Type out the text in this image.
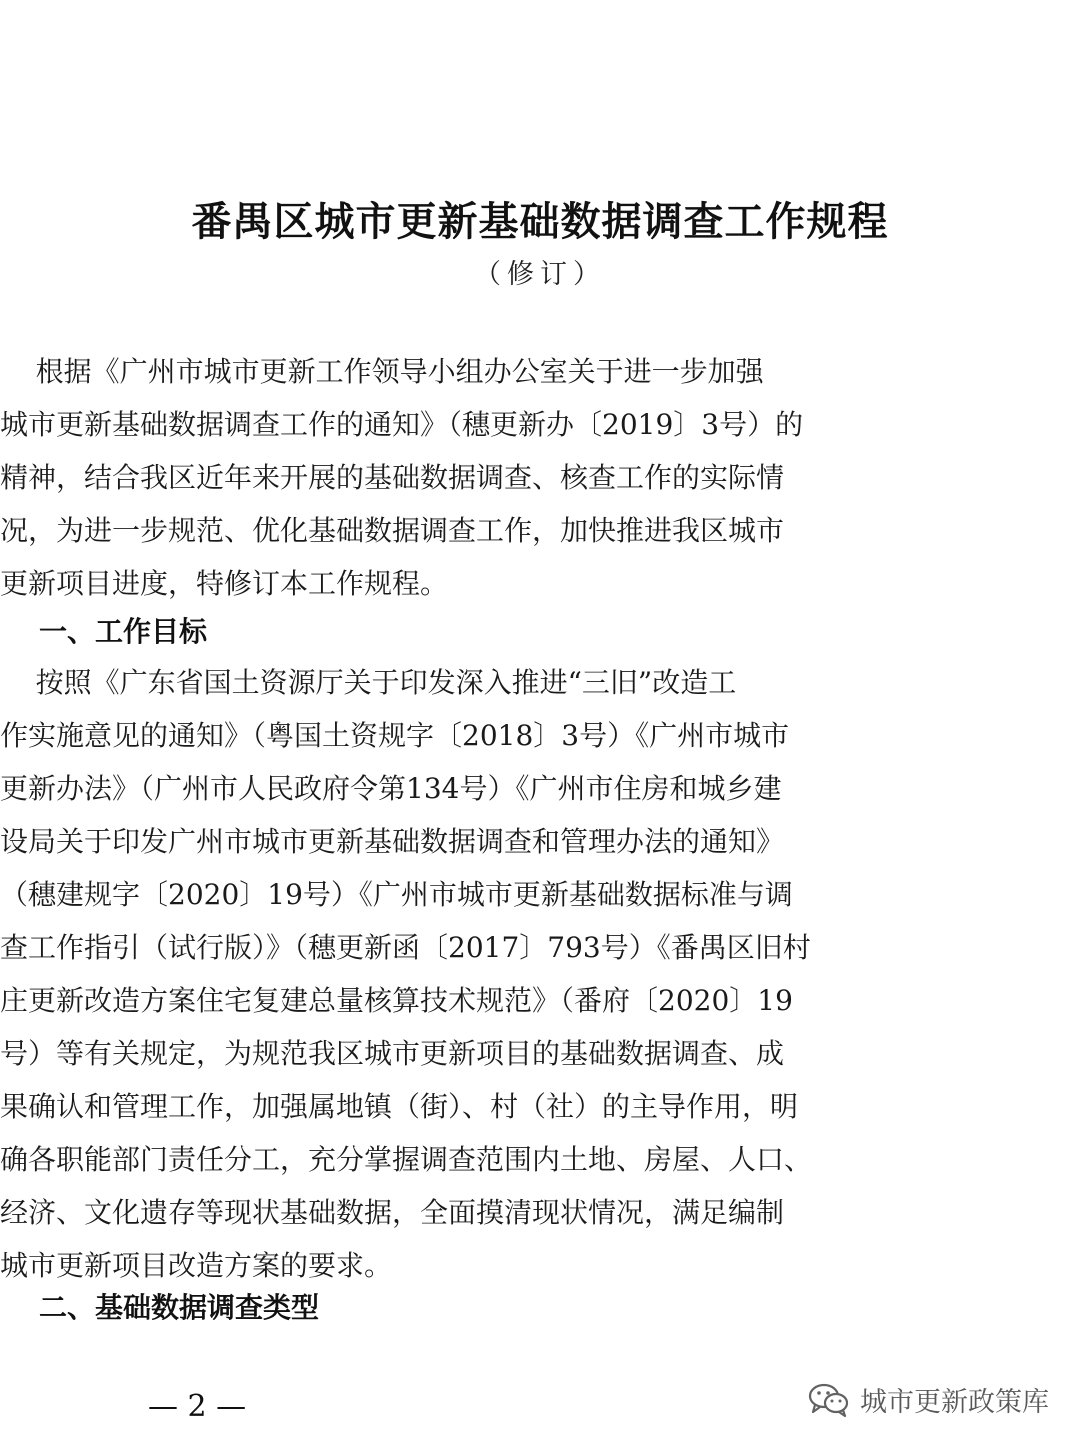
番禺区城市更新基础数据调查工作规程
（修订）
根据《广州市城市更新工作领导小组办公室关于进一步加强
城市更新基础数据调查工作的通知》（穗更新办〔2019〕3号）的
精神，结合我区近年来开展的基础数据调查、核查工作的实际情
况，为进一步规范、优化基础数据调查工作，加快推进我区城市
更新项目进度，特修订本工作规程。
一、工作目标
按照《广东省国土资源厅关于印发深入推进“三旧”改造工
作实施意见的通知》（粤国土资规字〔2018〕3号）《广州市城市
更新办法》（广州市人民政府令第134号）《广州市住房和城乡建
设局关于印发广州市城市更新基础数据调查和管理办法的通知》
（穗建规字〔2020〕19号）《广州市城市更新基础数据标准与调
查工作指引（试行版）》（穗更新函〔2017〕793号）《番禺区旧村
庄更新改造方案住宅复建总量核算技术规范》（番府〔2020〕19
号）等有关规定，为规范我区城市更新项目的基础数据调查、成
果确认和管理工作，加强属地镇（街）、村（社）的主导作用，明
确各职能部门责任分工，充分掌握调查范围内土地、房屋、人口、
经济、文化遗存等现状基础数据，全面摸清现状情况，满足编制
城市更新项目改造方案的要求。
二、基础数据调查类型
— 2 —	城市更新政策库
